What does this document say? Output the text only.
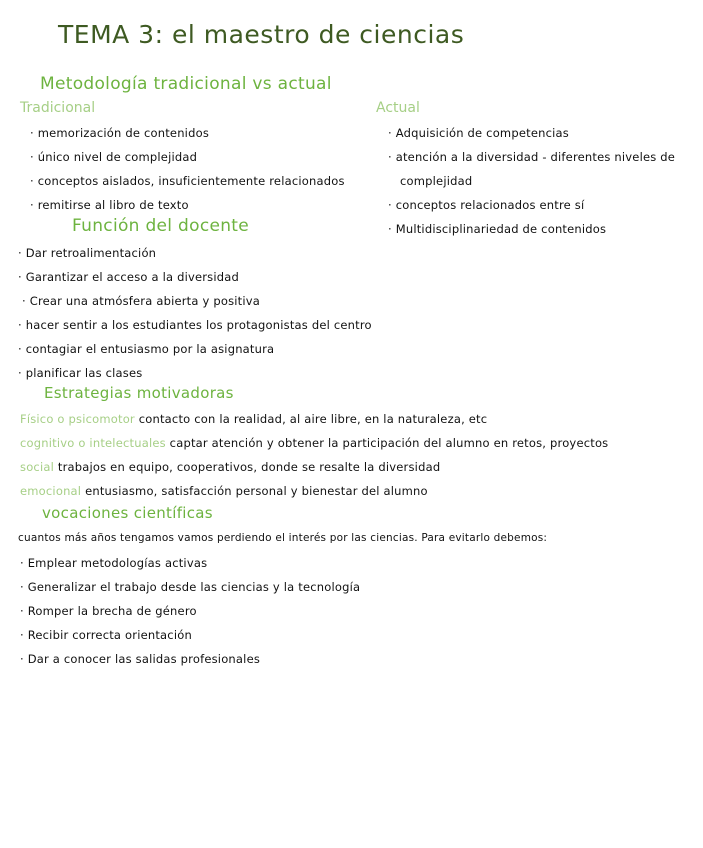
TEMA 3: el maestro de ciencias
Metodología tradicional vs actual
Tradicional
· memorización de contenidos
· único nivel de complejidad
· conceptos aislados, insuficientemente relacionados
· remitirse al libro de texto
Actual
· Adquisición de competencias
· atención a la diversidad - diferentes niveles de
complejidad
· conceptos relacionados entre sí
· Multidisciplinariedad de contenidos
Función del docente
· Dar retroalimentación
· Garantizar el acceso a la diversidad
· Crear una atmósfera abierta y positiva
· hacer sentir a los estudiantes los protagonistas del centro
· contagiar el entusiasmo por la asignatura
· planificar las clases
Estrategias motivadoras
Físico o psicomotor contacto con la realidad, al aire libre, en la naturaleza, etc
cognitivo o intelectuales captar atención y obtener la participación del alumno en retos, proyectos
social trabajos en equipo, cooperativos, donde se resalte la diversidad
emocional entusiasmo, satisfacción personal y bienestar del alumno
vocaciones científicas
cuantos más años tengamos vamos perdiendo el interés por las ciencias. Para evitarlo debemos:
· Emplear metodologías activas
· Generalizar el trabajo desde las ciencias y la tecnología
· Romper la brecha de género
· Recibir correcta orientación
· Dar a conocer las salidas profesionales
